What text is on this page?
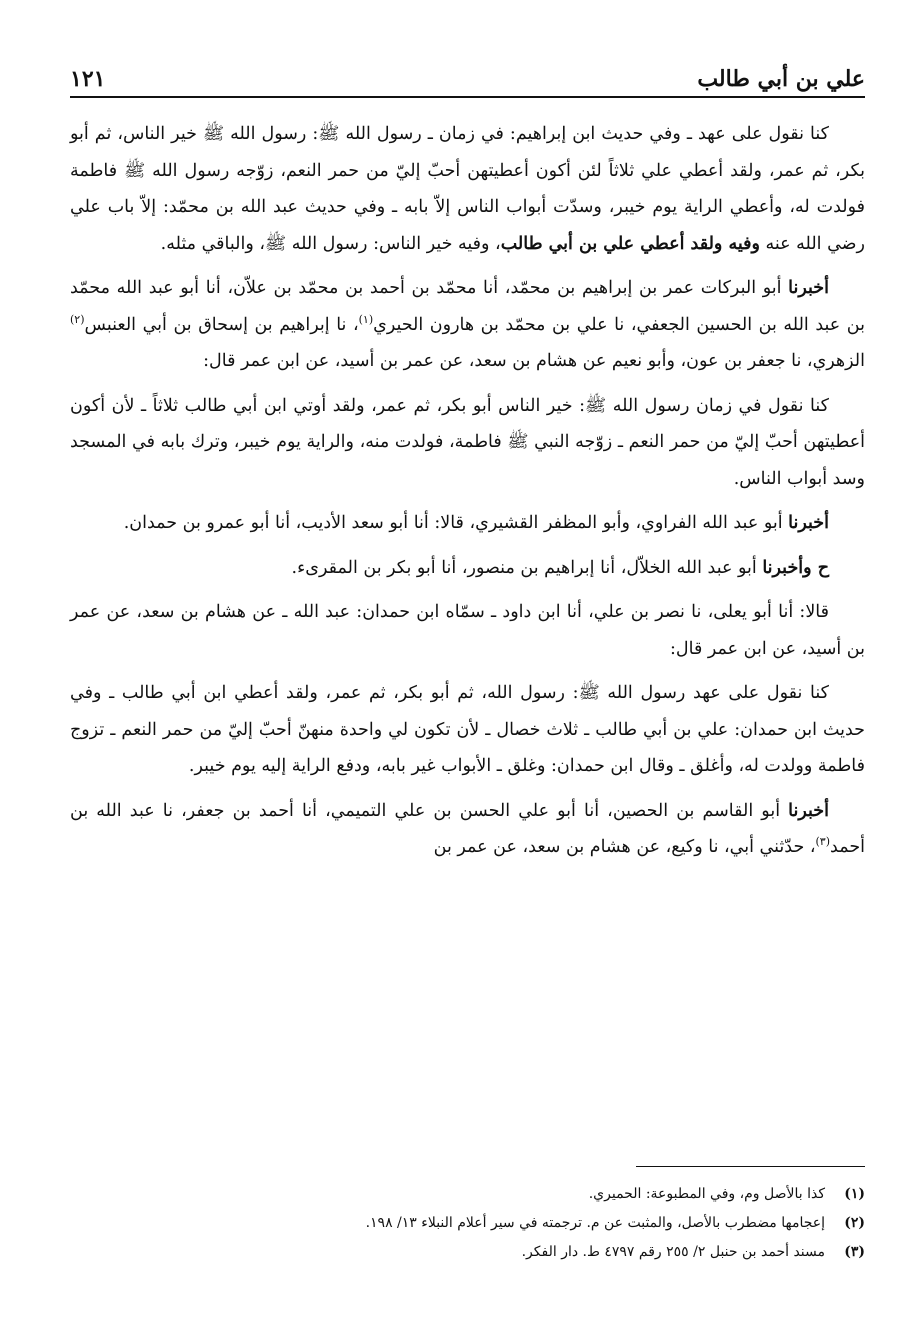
علي بن أبي طالب
١٢١

كنا نقول على عهد ـ وفي حديث ابن إبراهيم: في زمان ـ رسول الله ﷺ: رسول الله ﷺ خير الناس، ثم أبو بكر، ثم عمر، ولقد أعطي علي ثلاثاً لئن أكون أعطيتهن أحبّ إليّ من حمر النعم، زوّجه رسول الله ﷺ فاطمة فولدت له، وأعطي الراية يوم خيبر، وسدّت أبواب الناس إلاّ بابه ـ وفي حديث عبد الله بن محمّد: إلاّ باب علي رضي الله عنه وفيه ولقد أعطي علي بن أبي طالب، وفيه خير الناس: رسول الله ﷺ، والباقي مثله.

أخبرنا أبو البركات عمر بن إبراهيم بن محمّد، أنا محمّد بن أحمد بن محمّد بن علاّن، أنا أبو عبد الله محمّد بن عبد الله بن الحسين الجعفي، نا علي بن محمّد بن هارون الحيري$^{(١)}$، نا إبراهيم بن إسحاق بن أبي العنبس$^{(٢)}$ الزهري، نا جعفر بن عون، وأبو نعيم عن هشام بن سعد، عن عمر بن أسيد، عن ابن عمر قال:

كنا نقول في زمان رسول الله ﷺ: خير الناس أبو بكر، ثم عمر، ولقد أوتي ابن أبي طالب ثلاثاً ـ لأن أكون أعطيتهن أحبّ إليّ من حمر النعم ـ زوّجه النبي ﷺ فاطمة، فولدت منه، والراية يوم خيبر، وترك بابه في المسجد وسد أبواب الناس.

أخبرنا أبو عبد الله الفراوي، وأبو المظفر القشيري، قالا: أنا أبو سعد الأديب، أنا أبو عمرو بن حمدان.

ح وأخبرنا أبو عبد الله الخلاّل، أنا إبراهيم بن منصور، أنا أبو بكر بن المقرىء.

قالا: أنا أبو يعلى، نا نصر بن علي، أنا ابن داود ـ سمّاه ابن حمدان: عبد الله ـ عن هشام بن سعد، عن عمر بن أسيد، عن ابن عمر قال:

كنا نقول على عهد رسول الله ﷺ: رسول الله، ثم أبو بكر، ثم عمر، ولقد أعطي ابن أبي طالب ـ وفي حديث ابن حمدان: علي بن أبي طالب ـ ثلاث خصال ـ لأن تكون لي واحدة منهنّ أحبّ إليّ من حمر النعم ـ تزوج فاطمة وولدت له، وأغلق ـ وقال ابن حمدان: وغلق ـ الأبواب غير بابه، ودفع الراية إليه يوم خيبر.

أخبرنا أبو القاسم بن الحصين، أنا أبو علي الحسن بن علي التميمي، أنا أحمد بن جعفر، نا عبد الله بن أحمد$^{(٣)}$، حدّثني أبي، نا وكيع، عن هشام بن سعد، عن عمر بن

(١)
كذا بالأصل وم، وفي المطبوعة: الحميري.
(٢)
إعجامها مضطرب بالأصل، والمثبت عن م. ترجمته في سير أعلام النبلاء ١٣/ ١٩٨.
(٣)
مسند أحمد بن حنبل ٢/ ٢٥٥ رقم ٤٧٩٧ ط. دار الفكر.
